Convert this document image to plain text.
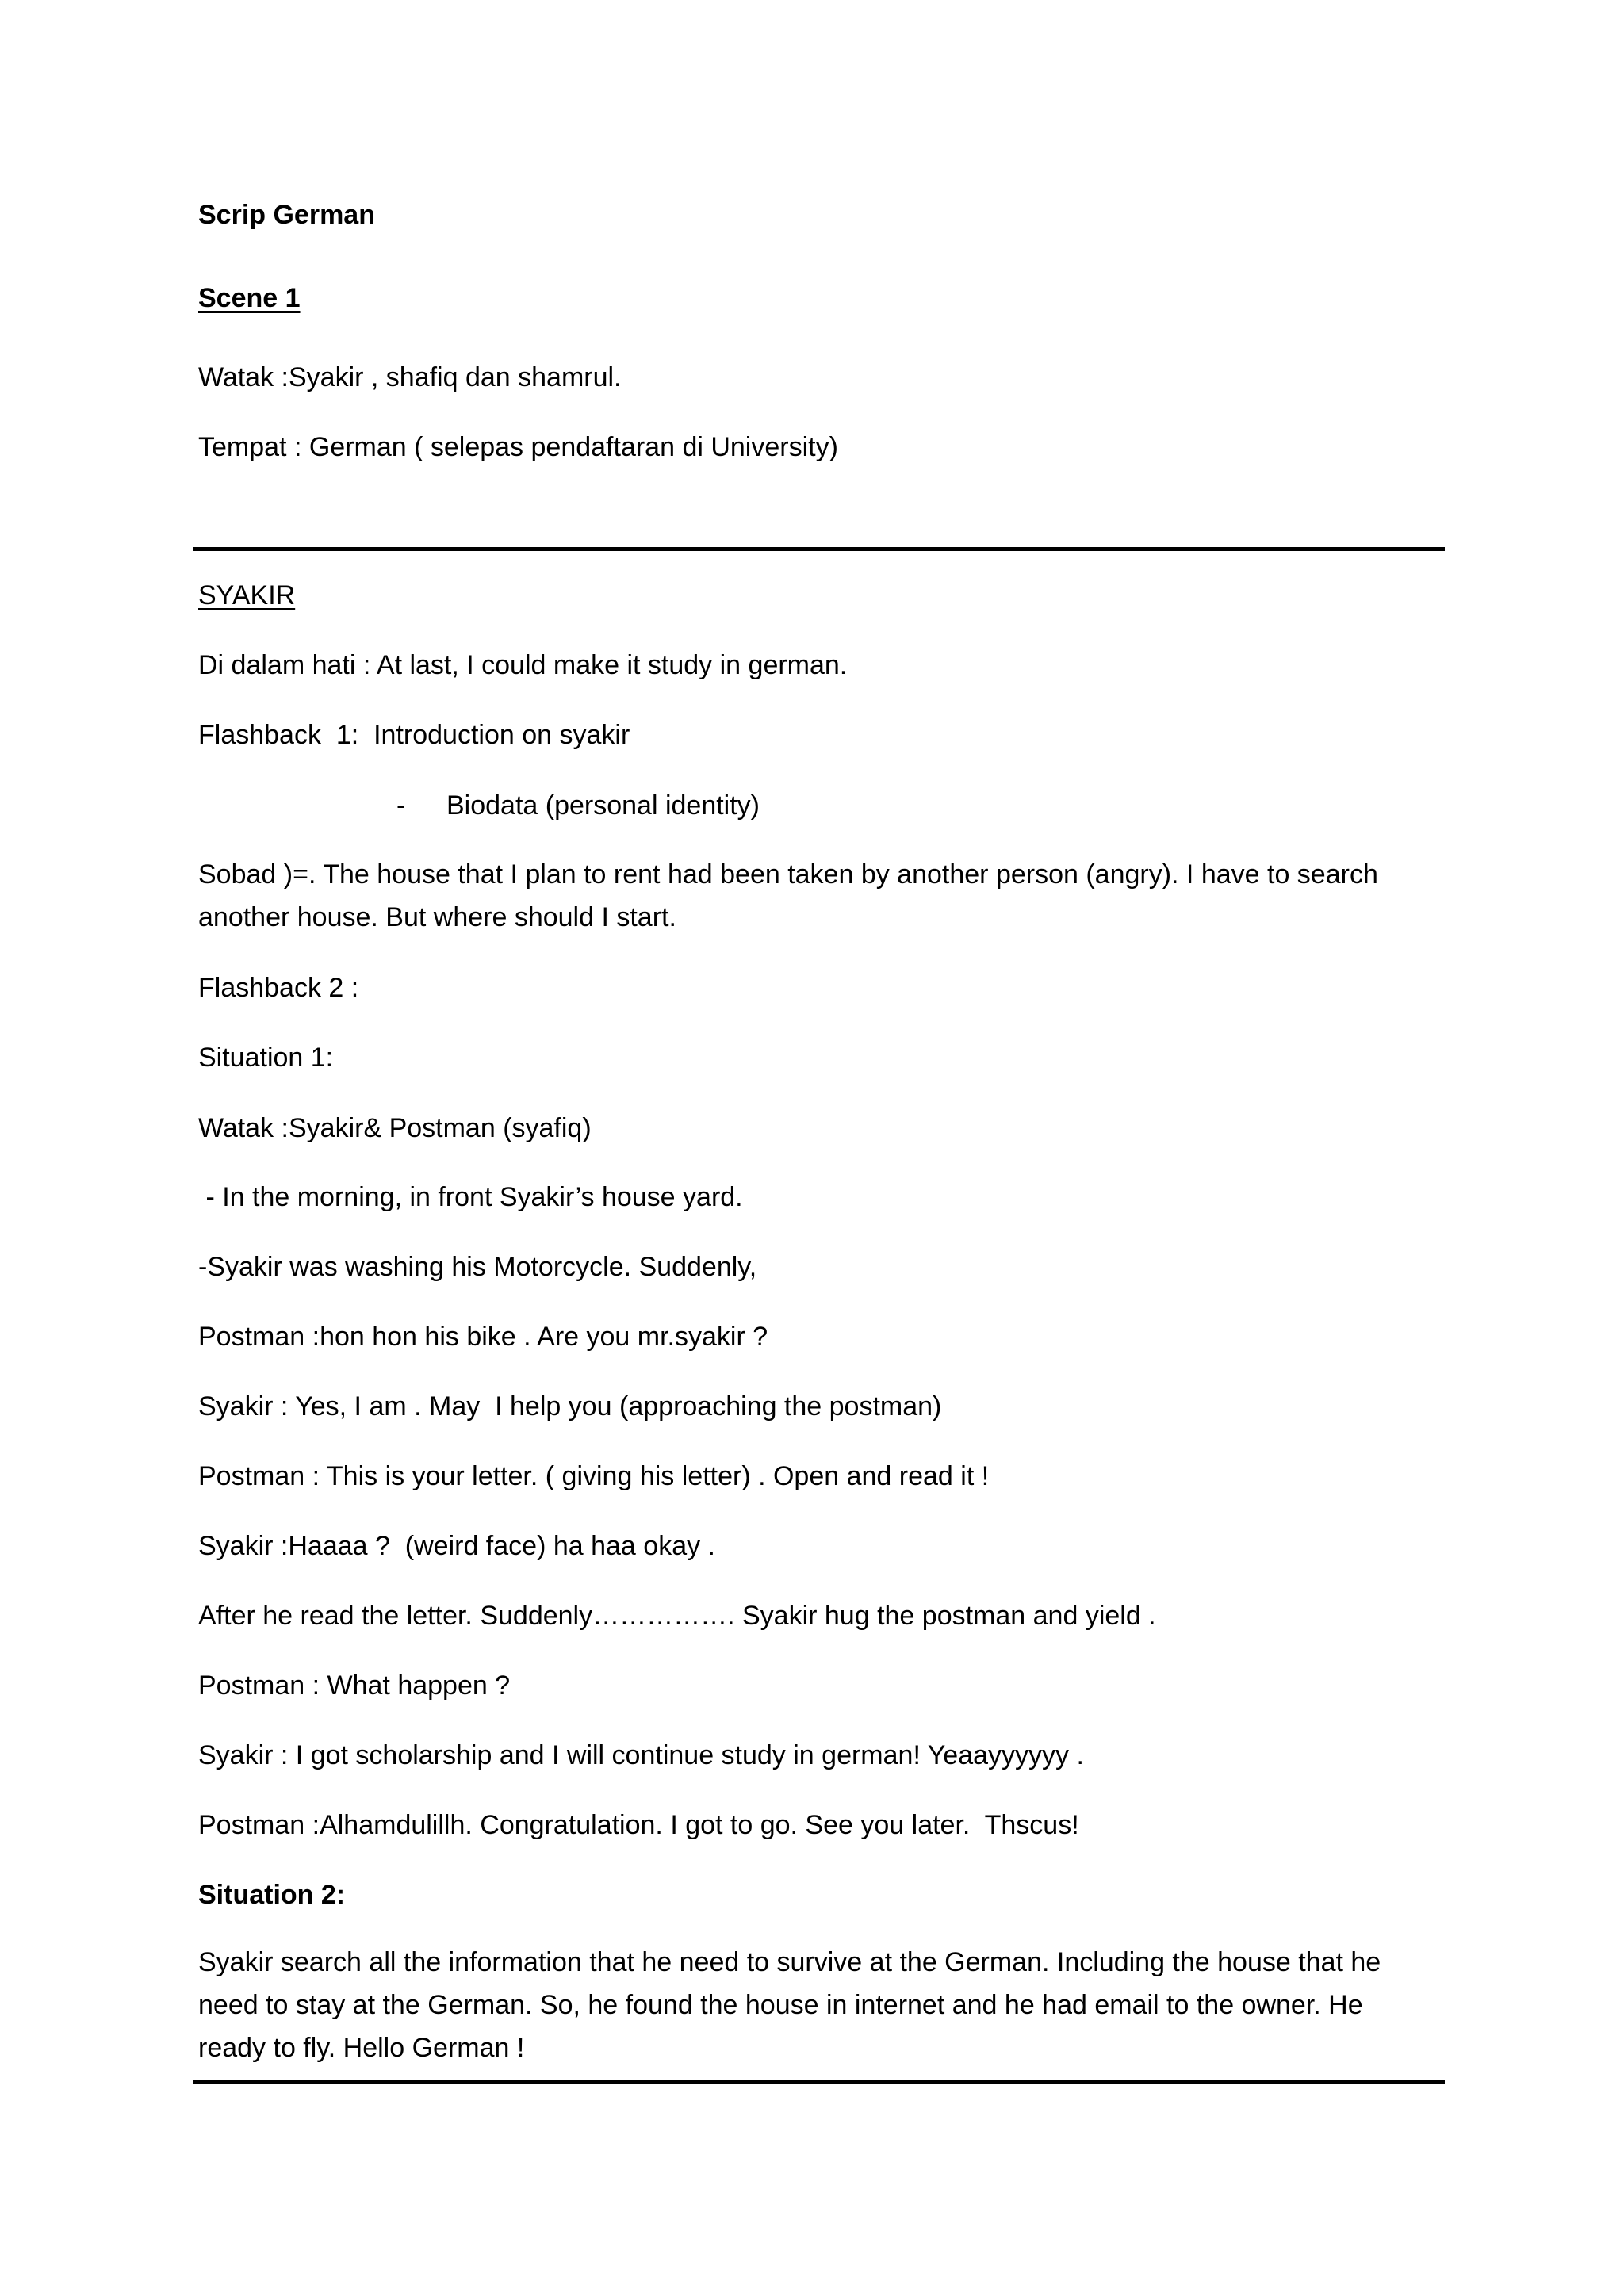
Scrip German
Scene 1
Watak :Syakir , shafiq dan shamrul.
Tempat : German ( selepas pendaftaran di University)
SYAKIR
Di dalam hati : At last, I could make it study in german.
Flashback  1:  Introduction on syakir
- Biodata (personal identity)
Sobad )=. The house that I plan to rent had been taken by another person (angry). I have to search another house. But where should I start.
Flashback 2 :
Situation 1:
Watak :Syakir& Postman (syafiq)
- In the morning, in front Syakir’s house yard.
-Syakir was washing his Motorcycle. Suddenly,
Postman :hon hon his bike . Are you mr.syakir ?
Syakir : Yes, I am . May  I help you (approaching the postman)
Postman : This is your letter. ( giving his letter) . Open and read it !
Syakir :Haaaa ?  (weird face) ha haa okay .
After he read the letter. Suddenly……………. Syakir hug the postman and yield .
Postman : What happen ?
Syakir : I got scholarship and I will continue study in german! Yeaayyyyyy .
Postman :Alhamdulillh. Congratulation. I got to go. See you later.  Thscus!
Situation 2:
Syakir search all the information that he need to survive at the German. Including the house that he need to stay at the German. So, he found the house in internet and he had email to the owner. He ready to fly. Hello German !
